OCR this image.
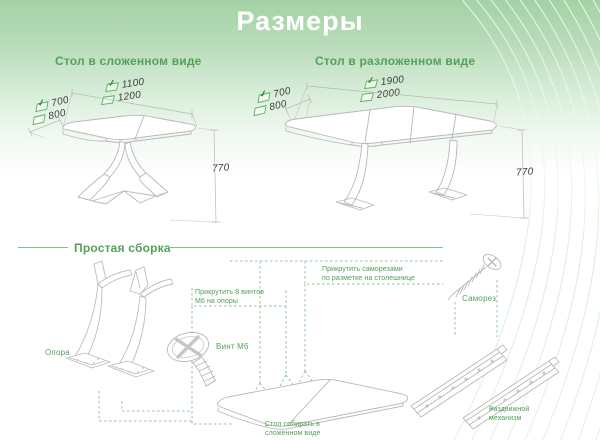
Размеры
Стол в сложенном виде	Стол в разложенном виде
✓ 1100
1200
✓ 700
800
770
✓ 1900
2000
✓ 700
800
770
Простая сборка
Опора
Винт М6
Прикрутить 8 винтов
М6 на опоры
Прикрутить саморезами
по разметке на столешнице
Саморез
Раздвижной
механизм
Стол собирать в
сложенном виде
